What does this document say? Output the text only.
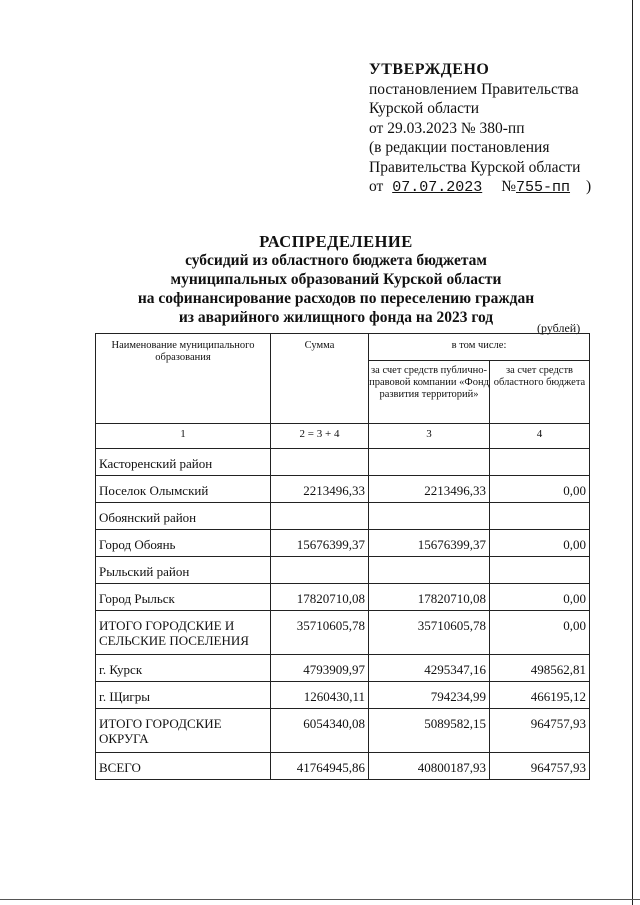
УТВЕРЖДЕНО
постановлением Правительства
Курской области
от 29.03.2023 № 380-пп
(в редакции постановления
Правительства Курской области
от 07.07.2023 №755-пп )
РАСПРЕДЕЛЕНИЕ
субсидий из областного бюджета бюджетам
муниципальных образований Курской области
на софинансирование расходов по переселению граждан
из аварийного жилищного фонда на 2023 год
(рублей)
Наименование муниципального образования	Сумма	в том числе:	
		за счет средств публично-правовой компании «Фонд развития территорий»	за счет средств областного бюджета
1	2 = 3 + 4	3	4
Касторенский район			
Поселок Олымский	2213496,33	2213496,33	0,00
Обоянский район			
Город Обоянь	15676399,37	15676399,37	0,00
Рыльский район			
Город Рыльск	17820710,08	17820710,08	0,00
ИТОГО ГОРОДСКИЕ И СЕЛЬСКИЕ ПОСЕЛЕНИЯ	35710605,78	35710605,78	0,00
г. Курск	4793909,97	4295347,16	498562,81
г. Щигры	1260430,11	794234,99	466195,12
ИТОГО ГОРОДСКИЕ ОКРУГА	6054340,08	5089582,15	964757,93
ВСЕГО	41764945,86	40800187,93	964757,93
